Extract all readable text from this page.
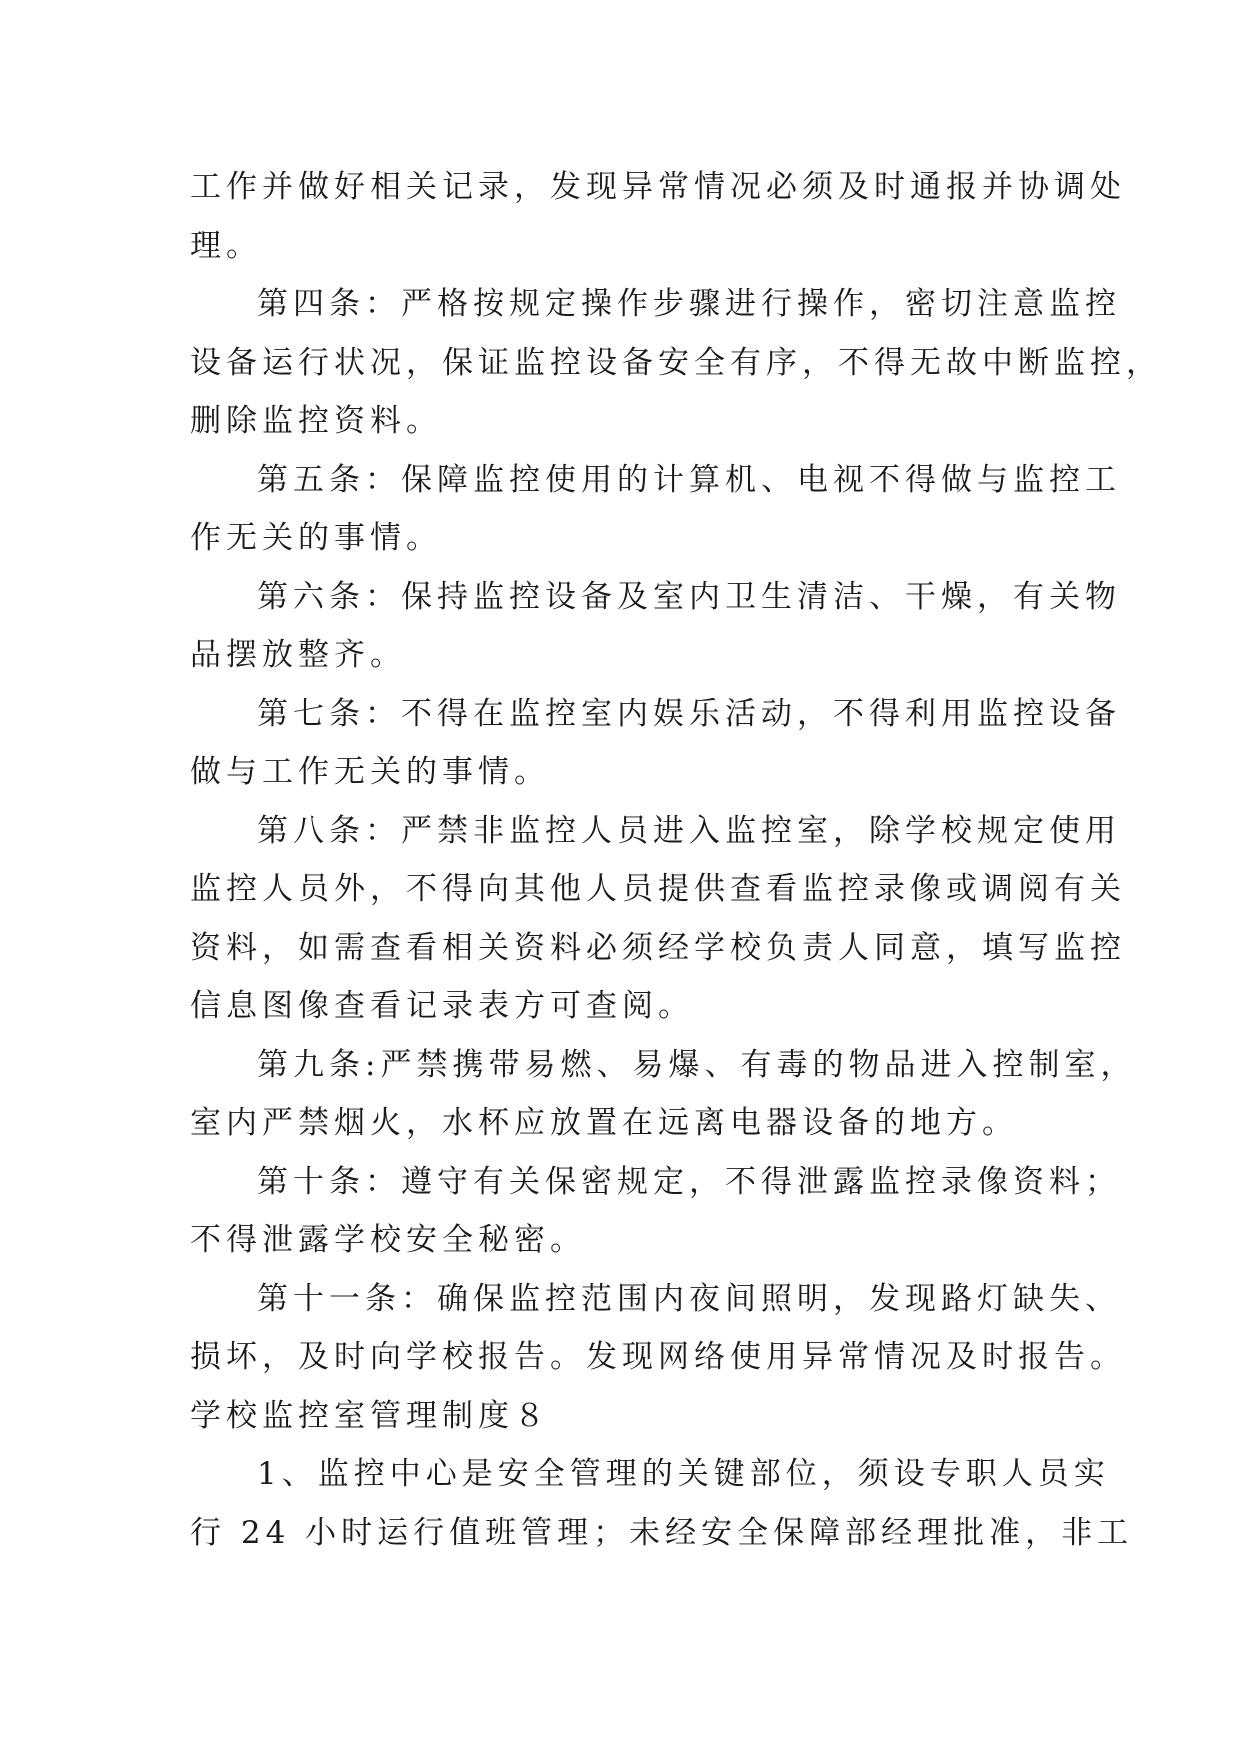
工作并做好相关记录，发现异常情况必须及时通报并协调处
理。
第四条：严格按规定操作步骤进行操作，密切注意监控
设备运行状况，保证监控设备安全有序，不得无故中断监控，
删除监控资料。
第五条：保障监控使用的计算机、电视不得做与监控工
作无关的事情。
第六条：保持监控设备及室内卫生清洁、干燥，有关物
品摆放整齐。
第七条：不得在监控室内娱乐活动，不得利用监控设备
做与工作无关的事情。
第八条：严禁非监控人员进入监控室，除学校规定使用
监控人员外，不得向其他人员提供查看监控录像或调阅有关
资料，如需查看相关资料必须经学校负责人同意，填写监控
信息图像查看记录表方可查阅。
第九条:严禁携带易燃、易爆、有毒的物品进入控制室，
室内严禁烟火，水杯应放置在远离电器设备的地方。
第十条：遵守有关保密规定，不得泄露监控录像资料；
不得泄露学校安全秘密。
第十一条：确保监控范围内夜间照明，发现路灯缺失、
损坏，及时向学校报告。发现网络使用异常情况及时报告。
学校监控室管理制度８
1、监控中心是安全管理的关键部位，须设专职人员实
行 24 小时运行值班管理；未经安全保障部经理批准，非工
